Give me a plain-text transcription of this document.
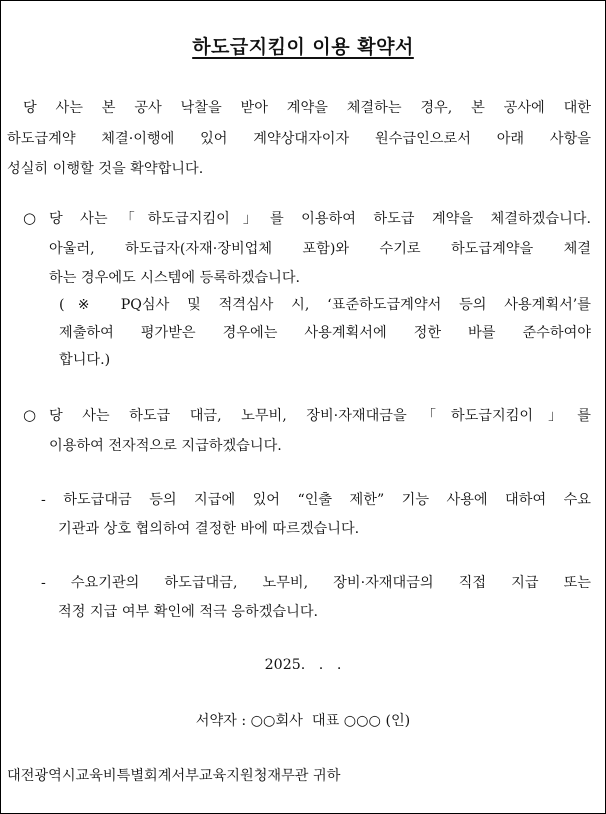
하도급지킴이 이용 확약서
당 사는 본 공사 낙찰을 받아 계약을 체결하는 경우, 본 공사에 대한
하도급계약 체결·이행에 있어 계약상대자이자 원수급인으로서 아래 사항을
성실히 이행할 것을 확약합니다.
○ 당 사는「하도급지킴이」를 이용하여 하도급 계약을 체결하겠습니다.
아울러, 하도급자(자재·장비업체 포함)와 수기로 하도급계약을 체결
하는 경우에도 시스템에 등록하겠습니다.
(※ PQ심사 및 적격심사 시, ‘표준하도급계약서 등의 사용계획서’를
제출하여 평가받은 경우에는 사용계획서에 정한 바를 준수하여야
합니다.)
○ 당 사는 하도급 대금, 노무비, 장비·자재대금을「하도급지킴이」를
이용하여 전자적으로 지급하겠습니다.
- 하도급대금 등의 지급에 있어 “인출 제한” 기능 사용에 대하여 수요
기관과 상호 협의하여 결정한 바에 따르겠습니다.
- 수요기관의 하도급대금, 노무비, 장비·자재대금의 직접 지급 또는
적정 지급 여부 확인에 적극 응하겠습니다.
2025.   .   .
서약자 : ○○회사  대표 ○○○ (인)
대전광역시교육비특별회계서부교육지원청재무관 귀하
